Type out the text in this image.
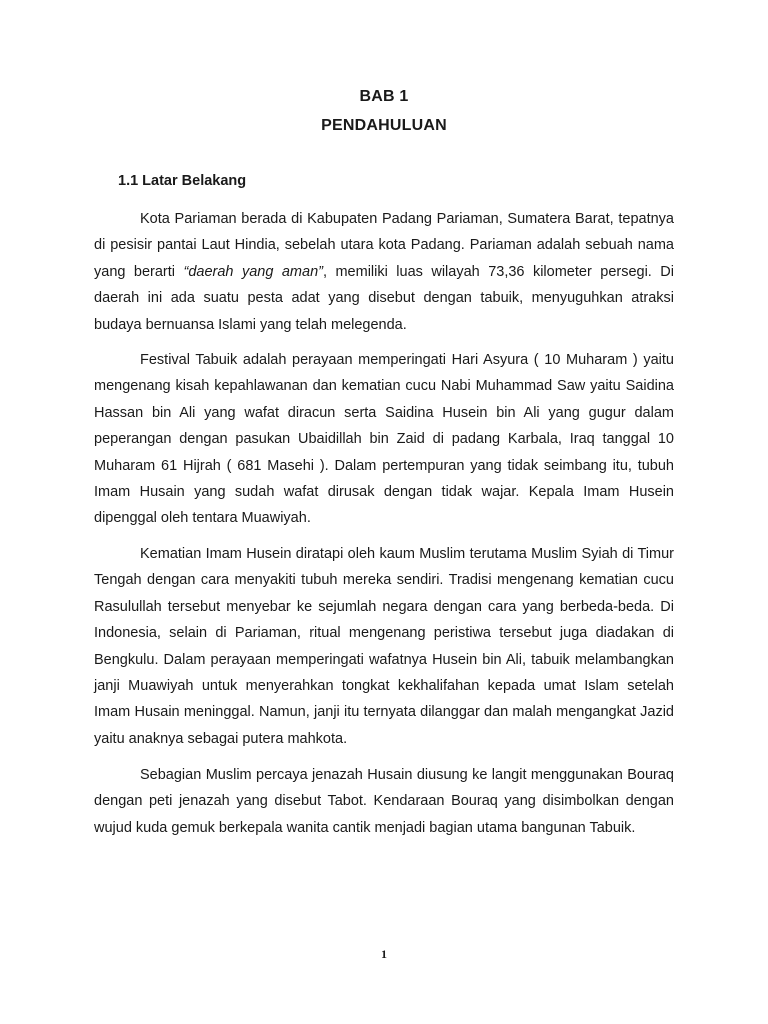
BAB 1
PENDAHULUAN
1.1 Latar Belakang

Kota Pariaman berada di Kabupaten Padang Pariaman, Sumatera Barat, tepatnya di pesisir pantai Laut Hindia, sebelah utara kota Padang. Pariaman adalah sebuah nama yang berarti “daerah yang aman”, memiliki luas wilayah 73,36 kilometer persegi. Di daerah ini ada suatu pesta adat yang disebut dengan tabuik, menyuguhkan atraksi budaya bernuansa Islami yang telah melegenda.

Festival Tabuik adalah perayaan memperingati Hari Asyura ( 10 Muharam ) yaitu mengenang kisah kepahlawanan dan kematian cucu Nabi Muhammad Saw yaitu Saidina Hassan bin Ali yang wafat diracun serta Saidina Husein bin Ali yang gugur dalam peperangan dengan pasukan Ubaidillah bin Zaid di padang Karbala, Iraq tanggal 10 Muharam 61 Hijrah ( 681 Masehi ). Dalam pertempuran yang tidak seimbang itu, tubuh Imam Husain yang sudah wafat dirusak dengan tidak wajar. Kepala Imam Husein dipenggal oleh tentara Muawiyah.

Kematian Imam Husein diratapi oleh kaum Muslim terutama Muslim Syiah di Timur Tengah dengan cara menyakiti tubuh mereka sendiri. Tradisi mengenang kematian cucu Rasulullah tersebut menyebar ke sejumlah negara dengan cara yang berbeda-beda. Di Indonesia, selain di Pariaman, ritual mengenang peristiwa tersebut juga diadakan di Bengkulu. Dalam perayaan memperingati wafatnya Husein bin Ali, tabuik melambangkan janji Muawiyah untuk menyerahkan tongkat kekhalifahan kepada umat Islam setelah Imam Husain meninggal. Namun, janji itu ternyata dilanggar dan malah mengangkat Jazid yaitu anaknya sebagai putera mahkota.

Sebagian Muslim percaya jenazah Husain diusung ke langit menggunakan Bouraq dengan peti jenazah yang disebut Tabot. Kendaraan Bouraq yang disimbolkan dengan wujud kuda gemuk berkepala wanita cantik menjadi bagian utama bangunan Tabuik.

1
